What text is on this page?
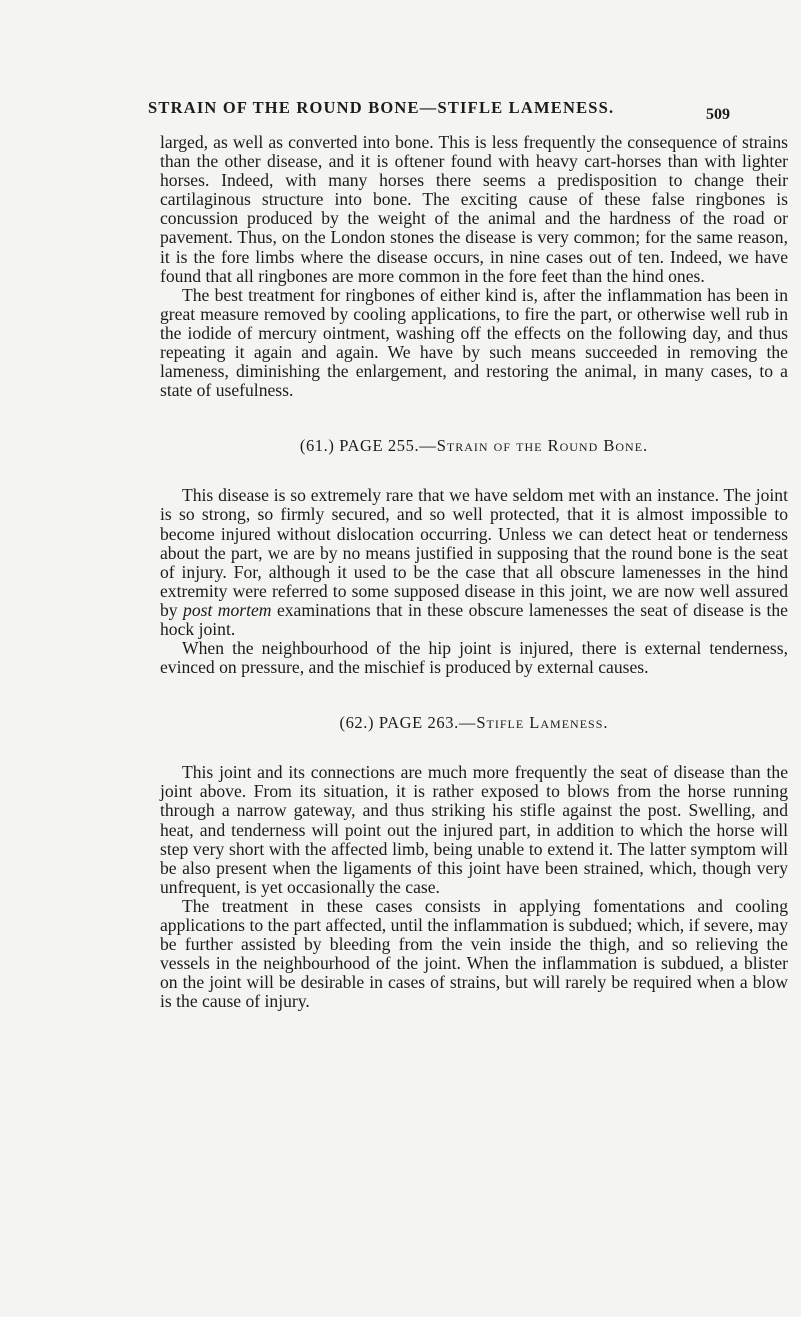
STRAIN OF THE ROUND BONE—STIFLE LAMENESS.	509

larged, as well as converted into bone. This is less frequently the consequence of strains than the other disease, and it is oftener found with heavy cart-horses than with lighter horses. Indeed, with many horses there seems a predisposition to change their cartilaginous structure into bone. The exciting cause of these false ringbones is concussion produced by the weight of the animal and the hardness of the road or pavement. Thus, on the London stones the disease is very common; for the same reason, it is the fore limbs where the disease occurs, in nine cases out of ten. Indeed, we have found that all ringbones are more common in the fore feet than the hind ones.

The best treatment for ringbones of either kind is, after the inflammation has been in great measure removed by cooling applications, to fire the part, or otherwise well rub in the iodide of mercury ointment, washing off the effects on the following day, and thus repeating it again and again. We have by such means succeeded in removing the lameness, diminishing the enlargement, and restoring the animal, in many cases, to a state of usefulness.

(61.) PAGE 255.—Strain of the Round Bone.

This disease is so extremely rare that we have seldom met with an instance. The joint is so strong, so firmly secured, and so well protected, that it is almost impossible to become injured without dislocation occurring. Unless we can detect heat or tenderness about the part, we are by no means justified in supposing that the round bone is the seat of injury. For, although it used to be the case that all obscure lamenesses in the hind extremity were referred to some supposed disease in this joint, we are now well assured by post mortem examinations that in these obscure lamenesses the seat of disease is the hock joint.

When the neighbourhood of the hip joint is injured, there is external tenderness, evinced on pressure, and the mischief is produced by external causes.

(62.) PAGE 263.—Stifle Lameness.

This joint and its connections are much more frequently the seat of disease than the joint above. From its situation, it is rather exposed to blows from the horse running through a narrow gateway, and thus striking his stifle against the post. Swelling, and heat, and tenderness will point out the injured part, in addition to which the horse will step very short with the affected limb, being unable to extend it. The latter symptom will be also present when the ligaments of this joint have been strained, which, though very unfrequent, is yet occasionally the case.

The treatment in these cases consists in applying fomentations and cooling applications to the part affected, until the inflammation is subdued; which, if severe, may be further assisted by bleeding from the vein inside the thigh, and so relieving the vessels in the neighbourhood of the joint. When the inflammation is subdued, a blister on the joint will be desirable in cases of strains, but will rarely be required when a blow is the cause of injury.
